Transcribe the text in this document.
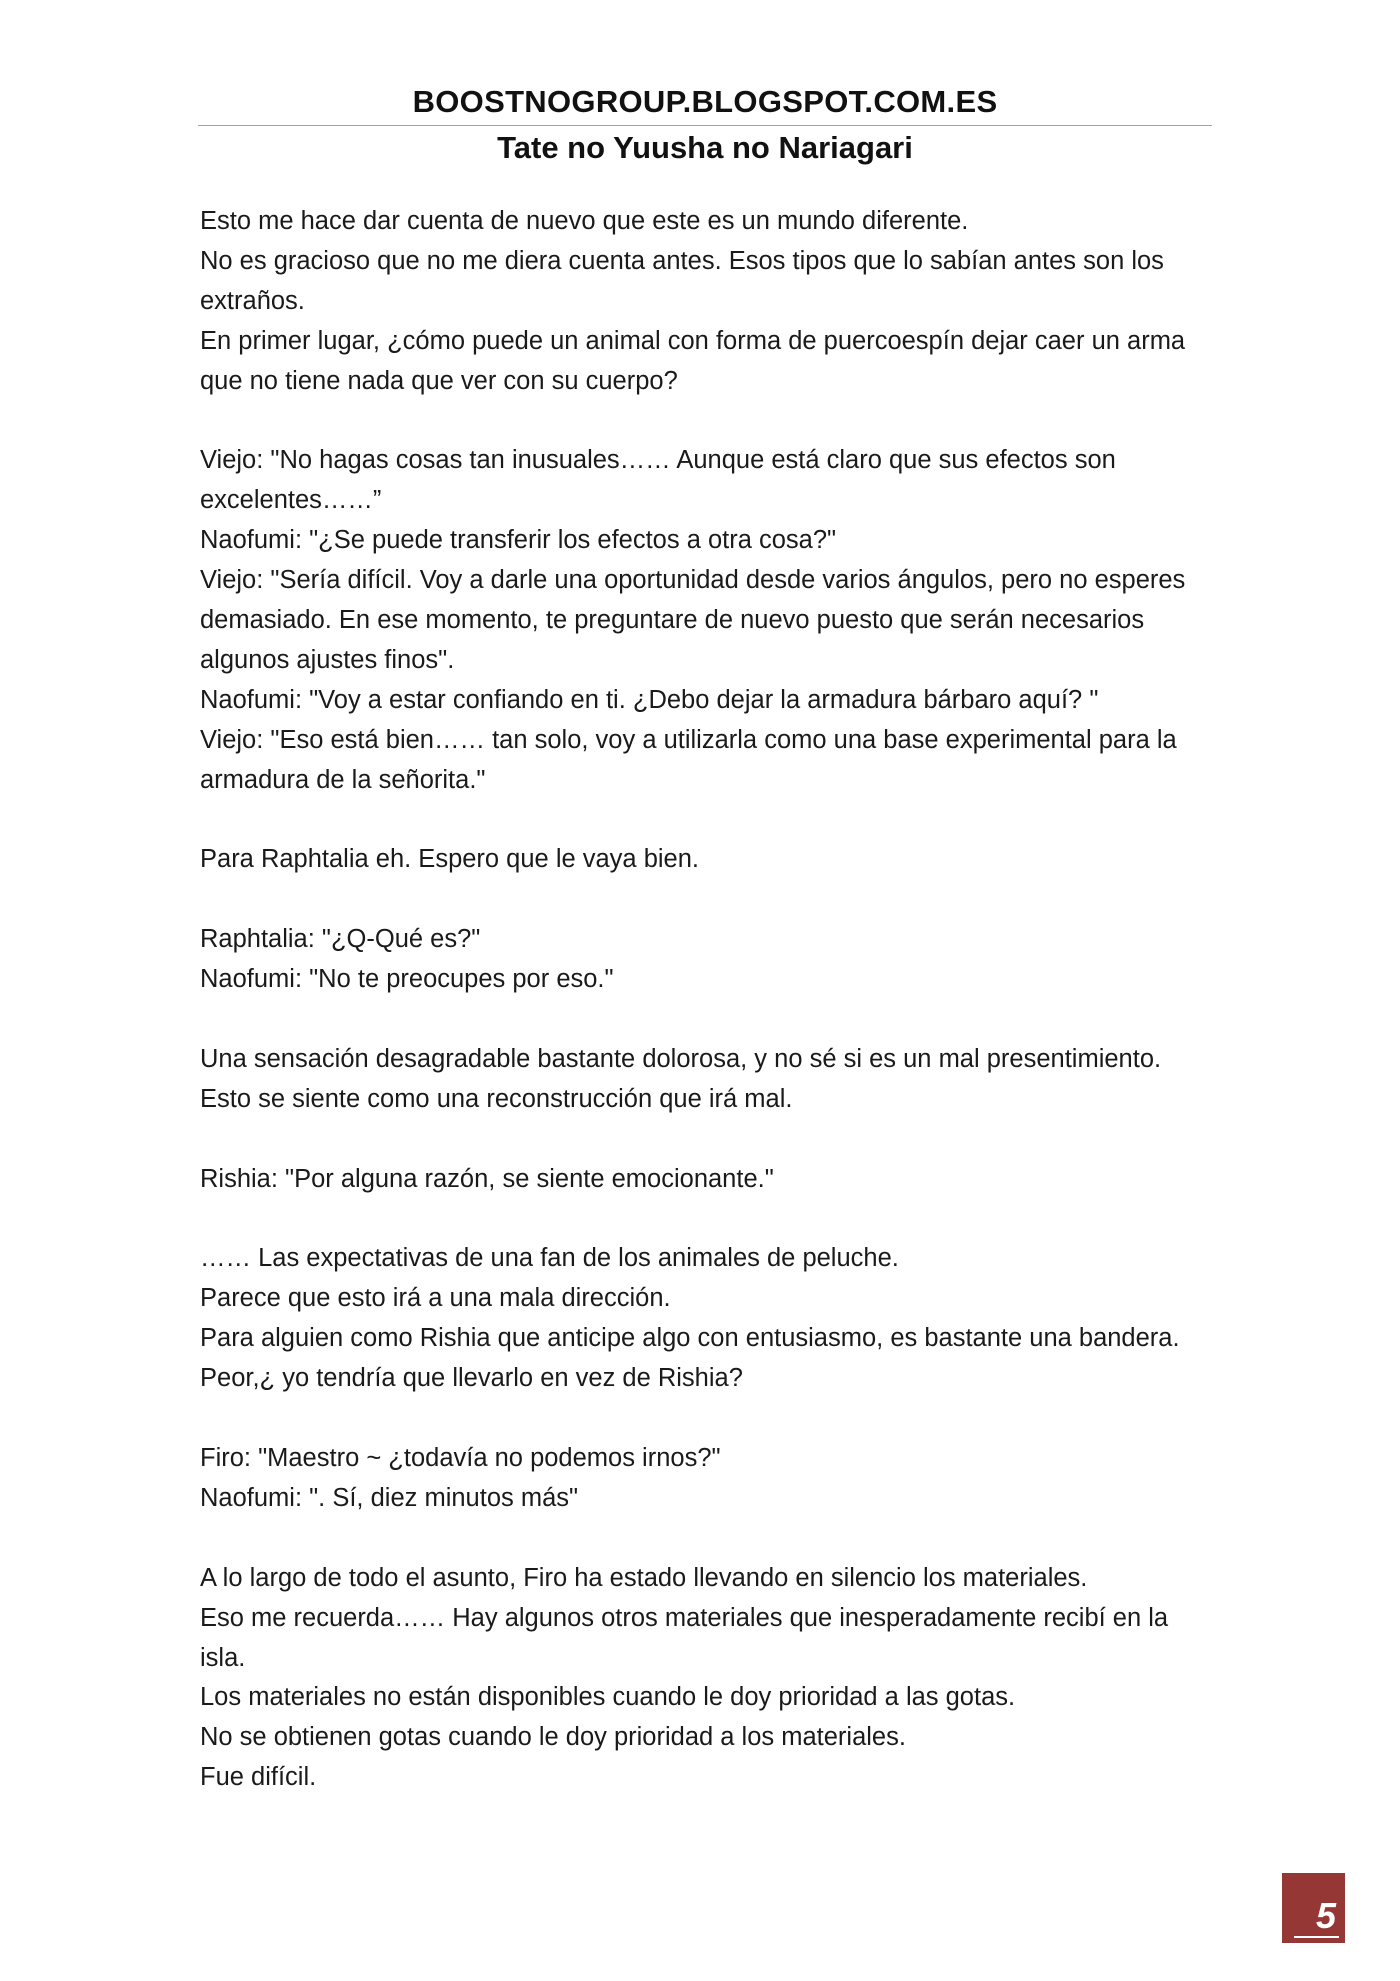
BOOSTNOGROUP.BLOGSPOT.COM.ES
Tate no Yuusha no Nariagari
Esto me hace dar cuenta de nuevo que este es un mundo diferente.
No es gracioso que no me diera cuenta antes. Esos tipos que lo sabían antes son los
extraños.
En primer lugar, ¿cómo puede un animal con forma de puercoespín dejar caer un arma
que no tiene nada que ver con su cuerpo?
Viejo: "No hagas cosas tan inusuales…… Aunque está claro que sus efectos son
excelentes……”
Naofumi: "¿Se puede transferir los efectos a otra cosa?"
Viejo: "Sería difícil. Voy a darle una oportunidad desde varios ángulos, pero no esperes
demasiado. En ese momento, te preguntare de nuevo puesto que serán necesarios
algunos ajustes finos".
Naofumi: "Voy a estar confiando en ti. ¿Debo dejar la armadura bárbaro aquí? "
Viejo: "Eso está bien…… tan solo, voy a utilizarla como una base experimental para la
armadura de la señorita."
Para Raphtalia eh. Espero que le vaya bien.
Raphtalia: "¿Q-Qué es?"
Naofumi: "No te preocupes por eso."
Una sensación desagradable bastante dolorosa, y no sé si es un mal presentimiento.
Esto se siente como una reconstrucción que irá mal.
Rishia: "Por alguna razón, se siente emocionante."
…… Las expectativas de una fan de los animales de peluche.
Parece que esto irá a una mala dirección.
Para alguien como Rishia que anticipe algo con entusiasmo, es bastante una bandera.
Peor,¿ yo tendría que llevarlo en vez de Rishia?
Firo: "Maestro ~ ¿todavía no podemos irnos?"
Naofumi: ". Sí, diez minutos más"
A lo largo de todo el asunto, Firo ha estado llevando en silencio los materiales.
Eso me recuerda…… Hay algunos otros materiales que inesperadamente recibí en la
isla.
Los materiales no están disponibles cuando le doy prioridad a las gotas.
No se obtienen gotas cuando le doy prioridad a los materiales.
Fue difícil.
5
